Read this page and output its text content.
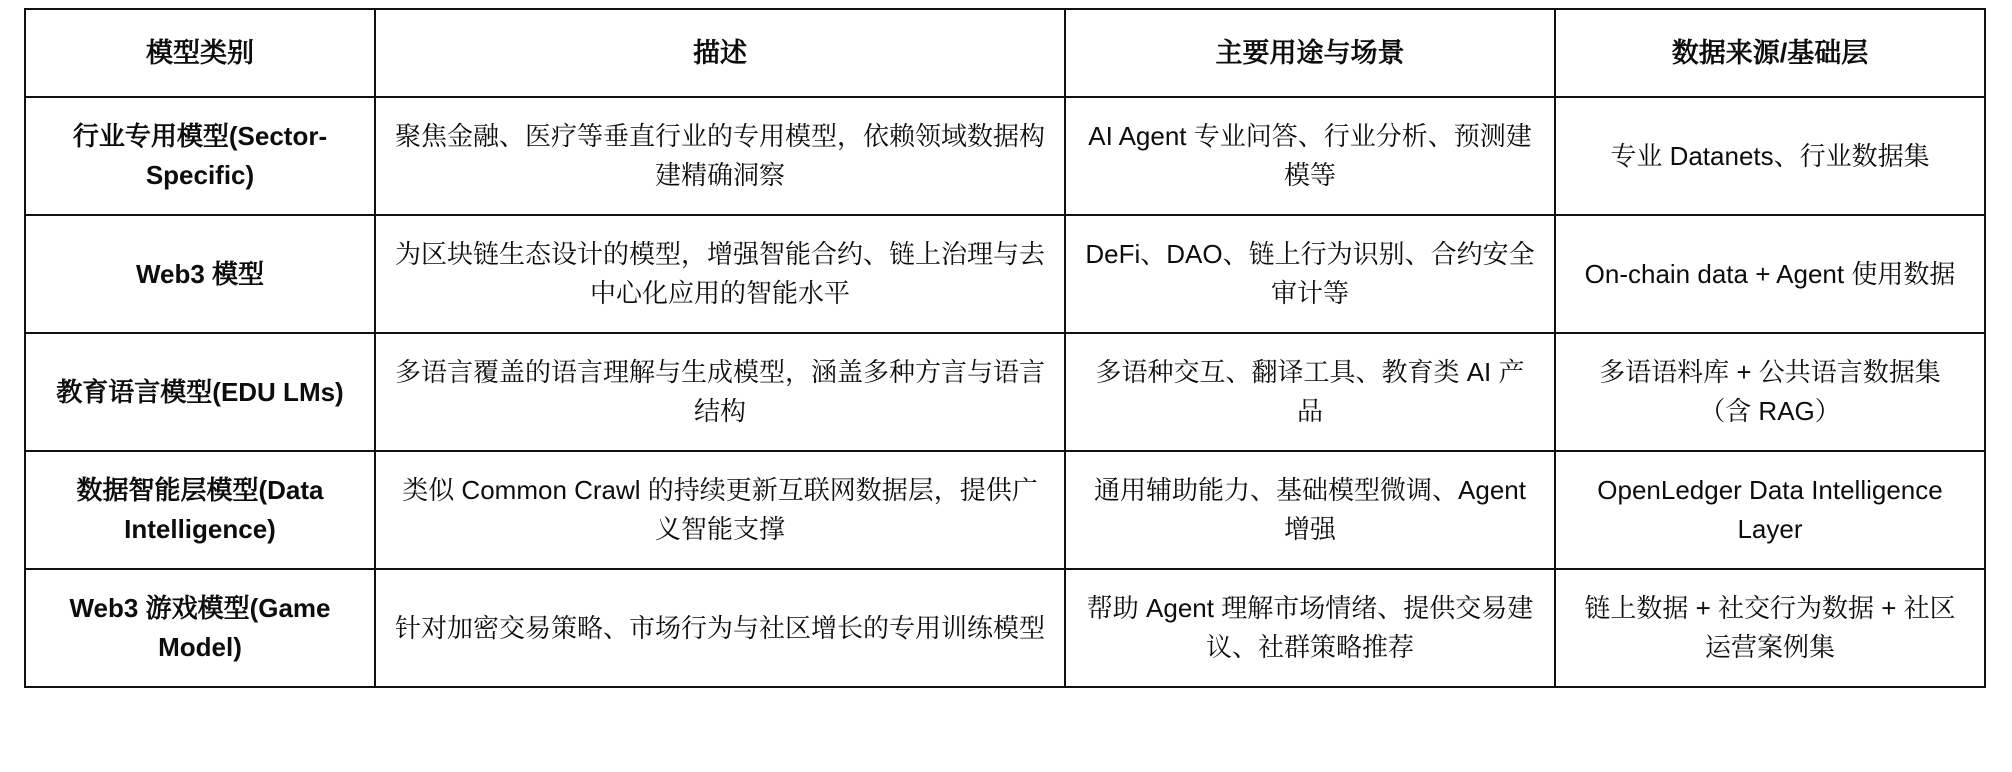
模型类别	描述	主要用途与场景	数据来源/基础层
行业专用模型(Sector-Specific)	聚焦金融、医疗等垂直行业的专用模型，依赖领域数据构建精确洞察	AI Agent 专业问答、行业分析、预测建模等	专业 Datanets、行业数据集
Web3 模型	为区块链生态设计的模型，增强智能合约、链上治理与去中心化应用的智能水平	DeFi、DAO、链上行为识别、合约安全审计等	On-chain data + Agent 使用数据
教育语言模型(EDU LMs)	多语言覆盖的语言理解与生成模型，涵盖多种方言与语言结构	多语种交互、翻译工具、教育类 AI 产品	多语语料库 + 公共语言数据集（含 RAG）
数据智能层模型(Data Intelligence)	类似 Common Crawl 的持续更新互联网数据层，提供广义智能支撑	通用辅助能力、基础模型微调、Agent 增强	OpenLedger Data Intelligence Layer
Web3 游戏模型(Game Model)	针对加密交易策略、市场行为与社区增长的专用训练模型	帮助 Agent 理解市场情绪、提供交易建议、社群策略推荐	链上数据 + 社交行为数据 + 社区运营案例集
